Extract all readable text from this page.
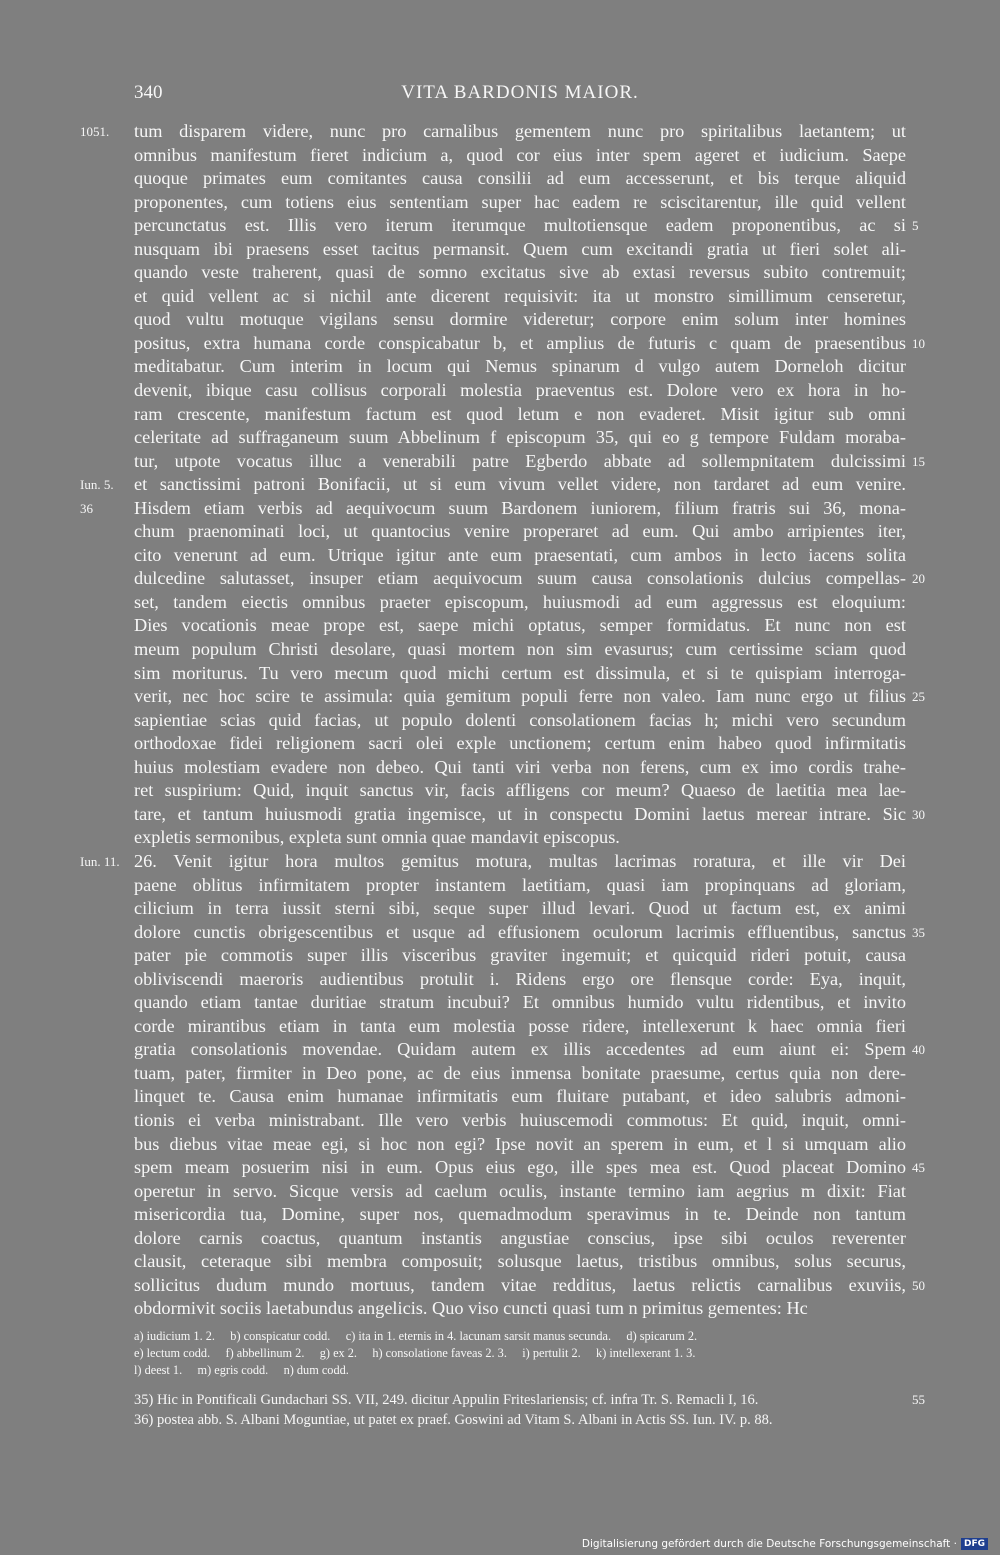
340	VITA BARDONIS MAIOR.
1051.	tum disparem videre, nunc pro carnalibus gementem nunc pro spiritalibus laetantem; ut
omnibus manifestum fieret indicium a, quod cor eius inter spem ageret et iudicium. Saepe
quoque primates eum comitantes causa consilii ad eum accesserunt, et bis terque aliquid
proponentes, cum totiens eius sententiam super hac eadem re sciscitarentur, ille quid vellent
percunctatus est. Illis vero iterum iterumque multotiensque eadem proponentibus, ac si 5
nusquam ibi praesens esset tacitus permansit. Quem cum excitandi gratia ut fieri solet ali-
quando veste traherent, quasi de somno excitatus sive ab extasi reversus subito contremuit;
et quid vellent ac si nichil ante dicerent requisivit: ita ut monstro simillimum censeretur,
quod vultu motuque vigilans sensu dormire videretur; corpore enim solum inter homines
positus, extra humana corde conspicabatur b, et amplius de futuris c quam de praesentibus 10
meditabatur. Cum interim in locum qui Nemus spinarum d vulgo autem Dorneloh dicitur
devenit, ibique casu collisus corporali molestia praeventus est. Dolore vero ex hora in ho-
ram crescente, manifestum factum est quod letum e non evaderet. Misit igitur sub omni
celeritate ad suffraganeum suum Abbelinum f episcopum 35, qui eo g tempore Fuldam moraba-
tur, utpote vocatus illuc a venerabili patre Egberdo abbate ad sollempnitatem dulcissimi 15
Iun. 5.	et sanctissimi patroni Bonifacii, ut si eum vivum vellet videre, non tardaret ad eum venire.
36	Hisdem etiam verbis ad aequivocum suum Bardonem iuniorem, filium fratris sui 36, mona-
chum praenominati loci, ut quantocius venire properaret ad eum. Qui ambo arripientes iter,
cito venerunt ad eum. Utrique igitur ante eum praesentati, cum ambos in lecto iacens solita
dulcedine salutasset, insuper etiam aequivocum suum causa consolationis dulcius compellas- 20
set, tandem eiectis omnibus praeter episcopum, huiusmodi ad eum aggressus est eloquium:
Dies vocationis meae prope est, saepe michi optatus, semper formidatus. Et nunc non est
meum populum Christi desolare, quasi mortem non sim evasurus; cum certissime sciam quod
sim moriturus. Tu vero mecum quod michi certum est dissimula, et si te quispiam interroga-
verit, nec hoc scire te assimula: quia gemitum populi ferre non valeo. Iam nunc ergo ut filius 25
sapientiae scias quid facias, ut populo dolenti consolationem facias h; michi vero secundum
orthodoxae fidei religionem sacri olei exple unctionem; certum enim habeo quod infirmitatis
huius molestiam evadere non debeo. Qui tanti viri verba non ferens, cum ex imo cordis trahe-
ret suspirium: Quid, inquit sanctus vir, facis affligens cor meum? Quaeso de laetitia mea lae-
tare, et tantum huiusmodi gratia ingemisce, ut in conspectu Domini laetus merear intrare. Sic 30
expletis sermonibus, expleta sunt omnia quae mandavit episcopus.
Iun. 11. 26. Venit igitur hora multos gemitus motura, multas lacrimas roratura, et ille vir Dei
paene oblitus infirmitatem propter instantem laetitiam, quasi iam propinquans ad gloriam,
cilicium in terra iussit sterni sibi, seque super illud levari. Quod ut factum est, ex animi
dolore cunctis obrigescentibus et usque ad effusionem oculorum lacrimis effluentibus, sanctus 35
pater pie commotis super illis visceribus graviter ingemuit; et quicquid rideri potuit, causa
obliviscendi maeroris audientibus protulit i. Ridens ergo ore flensque corde: Eya, inquit,
quando etiam tantae duritiae stratum incubui? Et omnibus humido vultu ridentibus, et invito
corde mirantibus etiam in tanta eum molestia posse ridere, intellexerunt k haec omnia fieri
gratia consolationis movendae. Quidam autem ex illis accedentes ad eum aiunt ei: Spem 40
tuam, pater, firmiter in Deo pone, ac de eius inmensa bonitate praesume, certus quia non dere-
linquet te. Causa enim humanae infirmitatis eum fluitare putabant, et ideo salubris admoni-
tionis ei verba ministrabant. Ille vero verbis huiuscemodi commotus: Et quid, inquit, omni-
bus diebus vitae meae egi, si hoc non egi? Ipse novit an sperem in eum, et l si umquam alio
spem meam posuerim nisi in eum. Opus eius ego, ille spes mea est. Quod placeat Domino 45
operetur in servo. Sicque versis ad caelum oculis, instante termino iam aegrius m dixit: Fiat
misericordia tua, Domine, super nos, quemadmodum speravimus in te. Deinde non tantum
dolore carnis coactus, quantum instantis angustiae conscius, ipse sibi oculos reverenter
clausit, ceteraque sibi membra composuit; solusque laetus, tristibus omnibus, solus securus,
sollicitus dudum mundo mortuus, tandem vitae redditus, laetus relictis carnalibus exuviis, 50
obdormivit sociis laetabundus angelicis. Quo viso cuncti quasi tum n primitus gementes: Hc
a) iudicium 1. 2.     b) conspicatur codd.     c) ita in 1. eternis in 4. lacunam sarsit manus secunda.     d) spicarum 2.
e) lectum codd.     f) abbellinum 2.     g) ex 2.     h) consolatione faveas 2. 3.     i) pertulit 2.     k) intellexerant 1. 3.
l) deest 1.     m) egris codd.     n) dum codd.
35) Hic in Pontificali Gundachari SS. VII, 249. dicitur Appulin Friteslariensis; cf. infra Tr. S. Remacli I, 16.	55
36) postea abb. S. Albani Moguntiae, ut patet ex praef. Goswini ad Vitam S. Albani in Actis SS. Iun. IV. p. 88.
Digitalisierung gefördert durch die Deutsche Forschungsgemeinschaft · DFG
